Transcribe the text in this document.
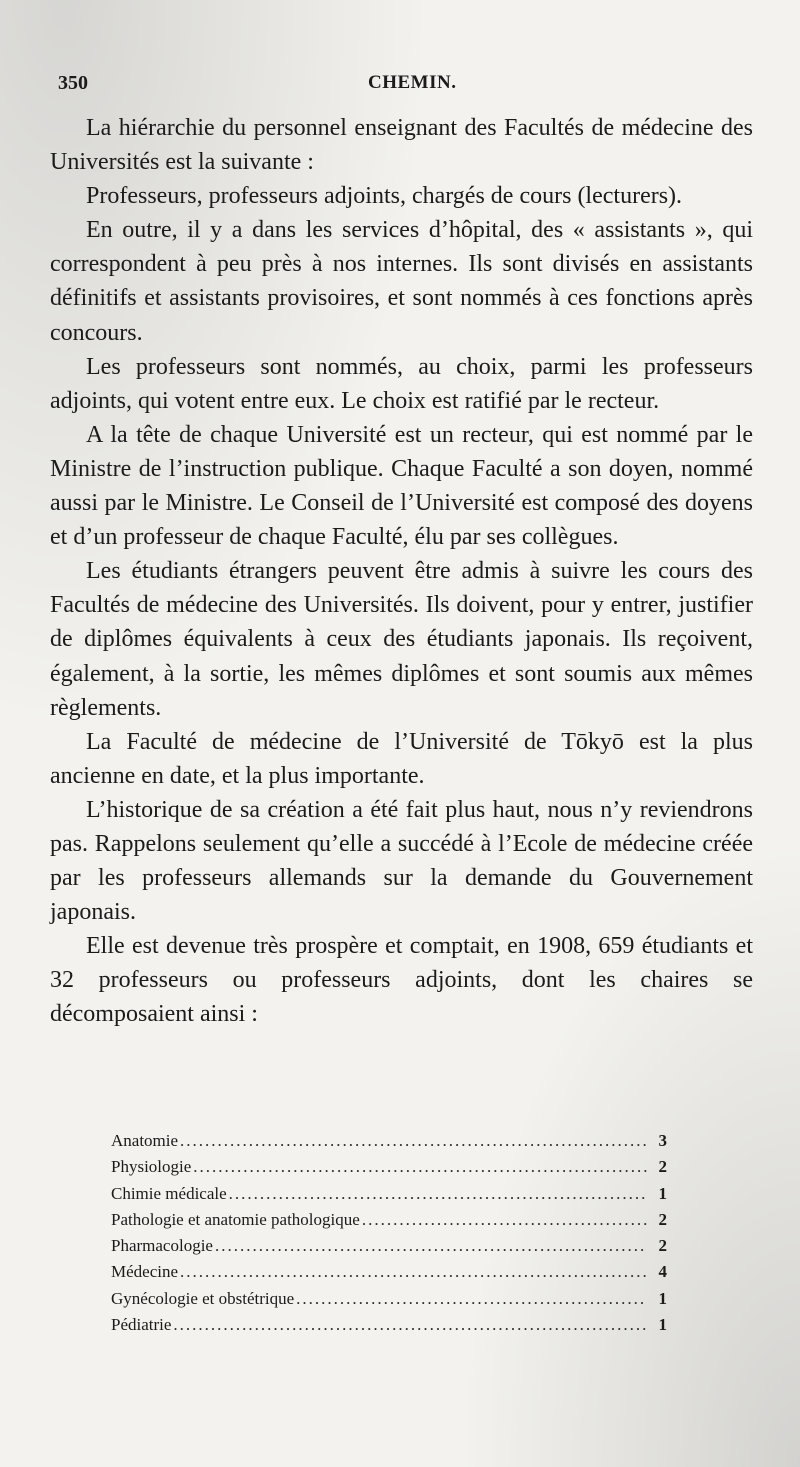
350	CHEMIN.

La hiérarchie du personnel enseignant des Facultés de médecine des Universités est la suivante :

Professeurs, professeurs adjoints, chargés de cours (lecturers).

En outre, il y a dans les services d’hôpital, des « assistants », qui correspondent à peu près à nos internes. Ils sont divisés en assistants définitifs et assistants provisoires, et sont nommés à ces fonctions après concours.

Les professeurs sont nommés, au choix, parmi les professeurs adjoints, qui votent entre eux. Le choix est ratifié par le recteur.

A la tête de chaque Université est un recteur, qui est nommé par le Ministre de l’instruction publique. Chaque Faculté a son doyen, nommé aussi par le Ministre. Le Conseil de l’Université est composé des doyens et d’un professeur de chaque Faculté, élu par ses collègues.

Les étudiants étrangers peuvent être admis à suivre les cours des Facultés de médecine des Universités. Ils doivent, pour y entrer, justifier de diplômes équivalents à ceux des étudiants japonais. Ils reçoivent, également, à la sortie, les mêmes diplômes et sont soumis aux mêmes règlements.

La Faculté de médecine de l’Université de Tōkyō est la plus ancienne en date, et la plus importante.

L’historique de sa création a été fait plus haut, nous n’y reviendrons pas. Rappelons seulement qu’elle a succédé à l’Ecole de médecine créée par les professeurs allemands sur la demande du Gouvernement japonais.

Elle est devenue très prospère et comptait, en 1908, 659 étudiants et 32 professeurs ou professeurs adjoints, dont les chaires se décomposaient ainsi :

Anatomie .....	3
Physiologie .....	2
Chimie médicale .....	1
Pathologie et anatomie pathologique .....	2
Pharmacologie .....	2
Médecine .....	4
Gynécologie et obstétrique .....	1
Pédiatrie .....	1
